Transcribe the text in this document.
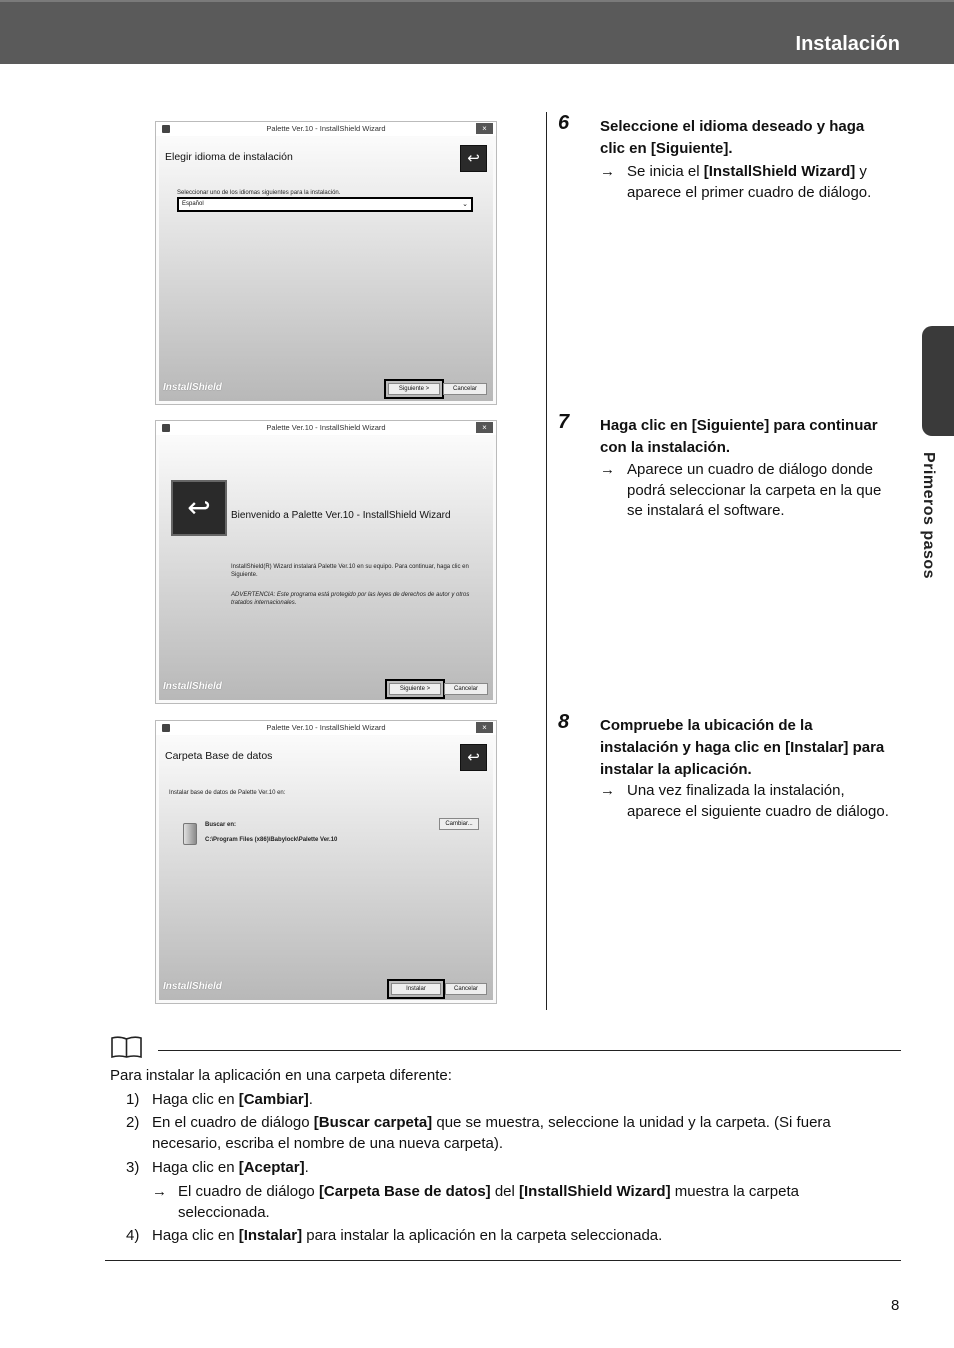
Instalación
Primeros pasos
Palette Ver.10 - InstallShield Wizard	×
Elegir idioma de instalación	↩
Seleccionar uno de los idiomas siguientes para la instalación.
Español	⌄
InstallShield	Siguiente >	Cancelar
Palette Ver.10 - InstallShield Wizard	×
↩	Bienvenido a Palette Ver.10 - InstallShield Wizard
InstallShield(R) Wizard instalará Palette Ver.10 en su equipo. Para continuar, haga clic en Siguiente.
ADVERTENCIA: Este programa está protegido por las leyes de derechos de autor y otros tratados internacionales.
InstallShield	Siguiente >	Cancelar
Palette Ver.10 - InstallShield Wizard	×
Carpeta Base de datos	↩
Instalar base de datos de Palette Ver.10 en:
Buscar en:
C:\Program Files (x86)\Babylock\Palette Ver.10
Cambiar...
InstallShield	Instalar	Cancelar
6 Seleccione el idioma deseado y haga clic en [Siguiente].
→ Se inicia el [InstallShield Wizard] y aparece el primer cuadro de diálogo.
7 Haga clic en [Siguiente] para continuar con la instalación.
→ Aparece un cuadro de diálogo donde podrá seleccionar la carpeta en la que se instalará el software.
8 Compruebe la ubicación de la instalación y haga clic en [Instalar] para instalar la aplicación.
→ Una vez finalizada la instalación, aparece el siguiente cuadro de diálogo.
Para instalar la aplicación en una carpeta diferente:
1) Haga clic en [Cambiar].
2) En el cuadro de diálogo [Buscar carpeta] que se muestra, seleccione la unidad y la carpeta. (Si fuera necesario, escriba el nombre de una nueva carpeta).
3) Haga clic en [Aceptar].
→ El cuadro de diálogo [Carpeta Base de datos] del [InstallShield Wizard] muestra la carpeta seleccionada.
4) Haga clic en [Instalar] para instalar la aplicación en la carpeta seleccionada.
8
